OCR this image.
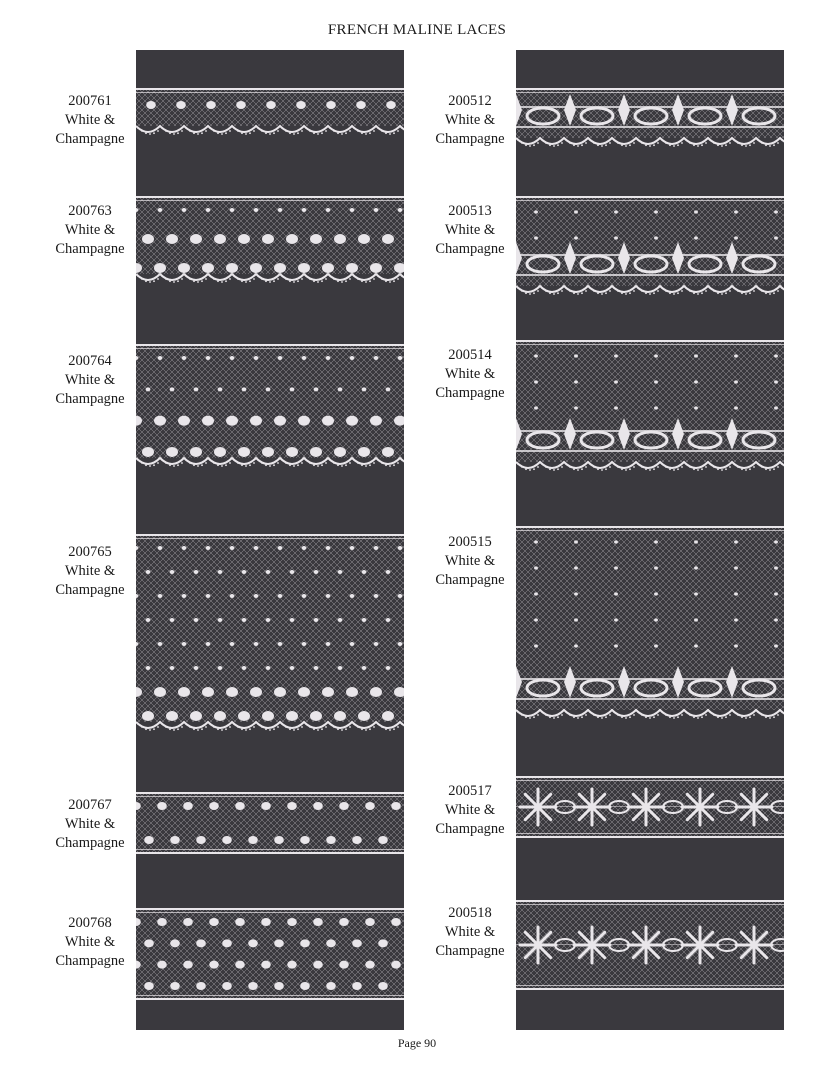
FRENCH MALINE LACES
200761
White &
Champagne
200763
White &
Champagne
200764
White &
Champagne
200765
White &
Champagne
200767
White &
Champagne
200768
White &
Champagne
200512
White &
Champagne
200513
White &
Champagne
200514
White &
Champagne
200515
White &
Champagne
200517
White &
Champagne
200518
White &
Champagne
Page 90
